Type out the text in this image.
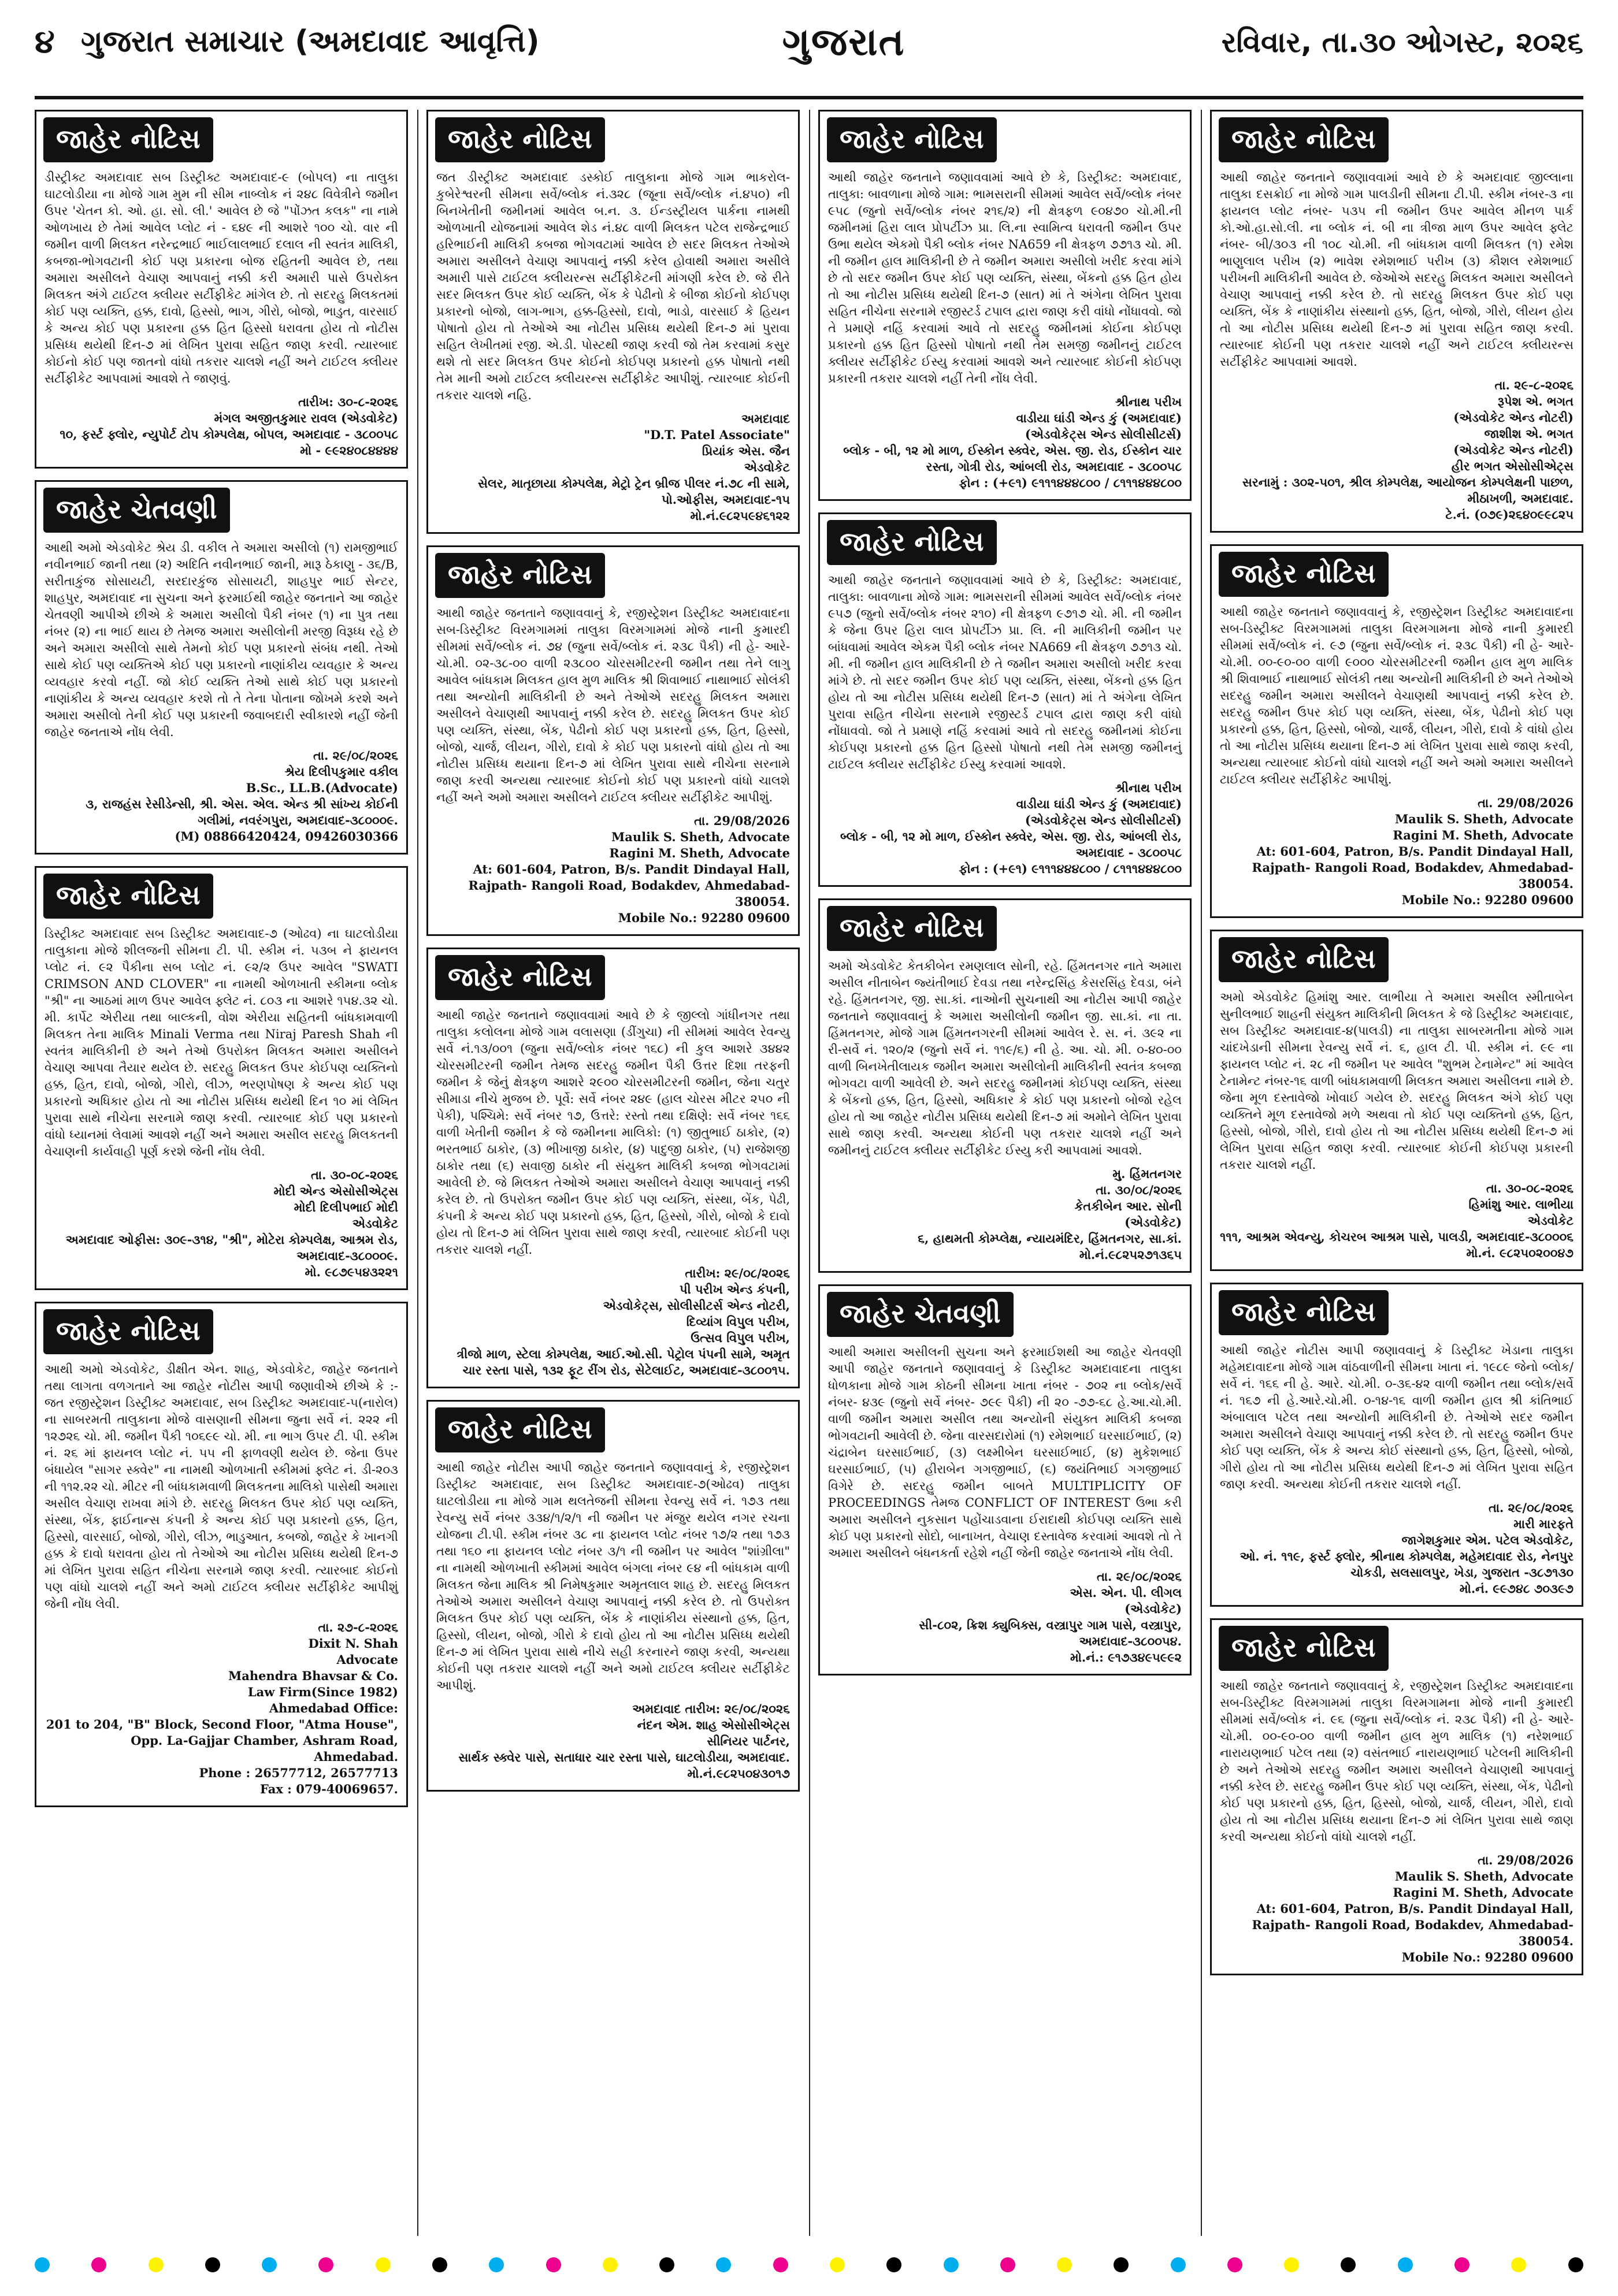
૪ ગુજરાત સમાચાર (અમદાવાદ આવૃત્તિ)	ગુજરાત	રવિવાર, તા.૩૦ ઓગસ્ટ, ૨૦૨૬
જાહેર નોટિસ
ડીસ્ટ્રીક્ટ અમદાવાદ સબ ડિસ્ટ્રીક્ટ અમદાવાદ-૯ (બોપલ) ના તાલુકા ઘાટલોડીયા ના મોજે ગામ મુમ ની સીમ નાબ્લોક નં ૨૪૮ વિવેત્રીને જમીન ઉપર 'ચેતન કો. ઓ. હા. સો. લી.' આવેલ છે જે "પોંઝત કલક" ના નામે ઓળખાય છે તેમાં આવેલ પ્લોટ નં - ૬૪૯ ની આશરે ૧૦૦ ચો. વાર ની જમીન વાળી મિલકત નરેન્દ્રભાઈ ભાઈલાલભાઈ દલાલ ની સ્વતંત્ર માલિકી, કબજા-ભોગવટાની કોઈ પણ પ્રકારના બોજ રહિતની આવેલ છે, તથા અમારા અસીલને વેચાણ આપવાનું નક્કી કરી અમારી પાસે ઉપરોક્ત મિલકત અંગે ટાઈટલ ક્લીયર સર્ટીફીકેટ માંગેલ છે. તો સદરહુ મિલકતમાં કોઈ પણ વ્યક્તિ, હક્ક, દાવો, હિસ્સો, ભાગ, ગીરો, બોજો, ભાડુત, વારસાઈ કે અન્ય કોઈ પણ પ્રકારના હક્ક હિત હિસ્સો ધરાવતા હોય તો નોટીસ પ્રસિધ્ધ થયેથી દિન-૭ માં લેખિત પુરાવા સહિત જાણ કરવી. ત્યારબાદ કોઈનો કોઈ પણ જાતનો વાંધો તકરાર ચાલશે નહીં અને ટાઈટલ ક્લીયર સર્ટીફીકેટ આપવામાં આવશે તે જાણવું.
તારીખ: ૩૦-૮-૨૦૨૬
મંગલ અજીતકુમાર રાવલ (એડવોકેટ)
૧૦, ફર્સ્ટ ફ્લોર, ન્યુપોર્ટ ટોપ કોમ્પલેક્ષ, બોપલ, અમદાવાદ - ૩૮૦૦૫૮
મો - ૯૯૨૪૦૮૪૪૪૪
જાહેર ચેતવણી
આથી અમો એડવોકેટ શ્રેય ડી. વકીલ તે અમારા અસીલો (૧) રામજીભાઈ નવીનભાઈ જાની તથા (૨) અદિતિ નવીનભાઈ જાની, મારૂ ઠેકાણુ - ૩૬/B, સરીતાકુંજ સોસાયટી, સરદારકુંજ સોસાયટી, શાહપુર ભાઈ સેન્ટર, શાહપુર, અમદાવાદ ના સુચના અને ફરમાઈથી જાહેર જનતાને આ જાહેર ચેતવણી આપીએ છીએ કે અમારા અસીલો પૈકી નંબર (૧) ના પુત્ર તથા નંબર (૨) ના ભાઈ થાય છે તેમજ અમારા અસીલોની મરજી વિરૂધ્ધ રહે છે અને અમારા અસીલો સાથે તેમનો કોઈ પણ પ્રકારનો સંબંધ નથી. તેઓ સાથે કોઈ પણ વ્યક્તિએ કોઈ પણ પ્રકારનો નાણાંકીય વ્યવહાર કે અન્ય વ્યવહાર કરવો નહીં. જો કોઈ વ્યક્તિ તેઓ સાથે કોઈ પણ પ્રકારનો નાણાંકીય કે અન્ય વ્યવહાર કરશે તો તે તેના પોતાના જોખમે કરશે અને અમારા અસીલો તેની કોઈ પણ પ્રકારની જવાબદારી સ્વીકારશે નહીં જેની જાહેર જનતાએ નોંધ લેવી.
તા. ૨૯/૦૮/૨૦૨૬
શ્રેય દિલીપકુમાર વકીલ
B.Sc., LL.B.(Advocate)
૩, રાજહંસ રેસીડેન્સી, શ્રી. એસ. એલ. એન્ડ શ્રી સાંખ્ય કોઈની ગલીમાં, નવરંગપુરા, અમદાવાદ-૩૮૦૦૦૯.
(M) 08866420424, 09426030366
જાહેર નોટિસ
ડિસ્ટ્રીક્ટ અમદાવાદ સબ ડિસ્ટ્રીક્ટ અમદાવાદ-૭ (ઓઢવ) ના ઘાટલોડીયા તાલુકાના મોજે શીલજની સીમના ટી. પી. સ્કીમ નં. ૫૩બ ને ફાયનલ પ્લોટ નં. ૯૨ પૈકીના સબ પ્લોટ નં. ૯૨/૨ ઉપર આવેલ "SWATI CRIMSON AND CLOVER" ના નામથી ઓળખાતી સ્કીમના બ્લોક "શ્રી" ના આઠમાં માળ ઉપર આવેલ ફ્લેટ નં. ૮૦૩ ના આશરે ૧૫૪.૩૨ ચો. મી. કાર્પેટ એરીયા તથા બાલ્કની, વોશ એરીયા સહિતની બાંધકામવાળી મિલકત તેના માલિક Minali Verma તથા Niraj Paresh Shah ની સ્વતંત્ર માલિકીની છે અને તેઓ ઉપરોક્ત મિલકત અમારા અસીલને વેચાણ આપવા તૈયાર થયેલ છે. સદરહુ મિલકત ઉપર કોઈપણ વ્યક્તિનો હક્ક, હિત, દાવો, બોજો, ગીરો, લીઝ, ભરણપોષણ કે અન્ય કોઈ પણ પ્રકારનો અધિકાર હોય તો આ નોટીસ પ્રસિધ્ધ થયેથી દિન ૧૦ માં લેખિત પુરાવા સાથે નીચેના સરનામે જાણ કરવી. ત્યારબાદ કોઈ પણ પ્રકારનો વાંધો ધ્યાનમાં લેવામાં આવશે નહીં અને અમારા અસીલ સદરહુ મિલકતની વેચાણની કાર્યવાહી પૂર્ણ કરશે જેની નોંધ લેવી.
તા. ૩૦-૦૮-૨૦૨૬
મોદી એન્ડ એસોસીએટ્સ
મોદી દિલીપભાઈ મોદી
એડવોકેટ
અમદાવાદ ઓફીસ: ૩૦૯-૩૧૪, "શ્રી", મોટેરા કોમ્પલેક્ષ, આશ્રમ રોડ, અમદાવાદ-૩૮૦૦૦૯.
મો. ૯૮૭૯૫૪૩૨૨૧
જાહેર નોટિસ
આથી અમો એડવોકેટ, ડીક્ષીત એન. શાહ, એડવોકેટ, જાહેર જનતાને તથા લાગતા વળગતાને આ જાહેર નોટીસ આપી જણાવીએ છીએ કે :- જત રજીસ્ટ્રેશન ડિસ્ટ્રીક્ટ અમદાવાદ, સબ ડિસ્ટ્રીક્ટ અમદાવાદ-૫(નારોલ) ના સાબરમતી તાલુકાના મોજે વાસણાની સીમના જુના સર્વે નં. ૨૨૨ ની ૧૨૭૨૬ ચો. મી. જમીન પૈકી ૧૦૬૯૯ ચો. મી. ના ભાગ ઉપર ટી. પી. સ્કીમ નં. ૨૬ માં ફાયનલ પ્લોટ નં. ૫૫ ની ફાળવણી થયેલ છે. જેના ઉપર બંધાયેલ "સાગર સ્ક્વેર" ના નામથી ઓળખાતી સ્કીમમાં ફ્લેટ નં. ડી-૨૦૩ ની ૧૧૨.૨૨ ચો. મીટર ની બાંધકામવાળી મિલકતના માલિકો પાસેથી અમારા અસીલ વેચાણ રાખવા માંગે છે. સદરહુ મિલકત ઉપર કોઈ પણ વ્યક્તિ, સંસ્થા, બેંક, ફાઈનાન્સ કંપની કે અન્ય કોઈ પણ પ્રકારનો હક્ક, હિત, હિસ્સો, વારસાઈ, બોજો, ગીરો, લીઝ, ભાડુઆત, કબજો, જાહેર કે ખાનગી હક્ક કે દાવો ધરાવતા હોય તો તેઓએ આ નોટીસ પ્રસિધ્ધ થયેથી દિન-૭ માં લેખિત પુરાવા સહિત નીચેના સરનામે જાણ કરવી. ત્યારબાદ કોઈનો પણ વાંધો ચાલશે નહીં અને અમો ટાઈટલ ક્લીયર સર્ટીફીકેટ આપીશું જેની નોંધ લેવી.
તા. ૨૭-૮-૨૦૨૬
Dixit N. Shah
Advocate
Mahendra Bhavsar & Co.
Law Firm(Since 1982)
Ahmedabad Office:
201 to 204, "B" Block, Second Floor, "Atma House", Opp. La-Gajjar Chamber, Ashram Road, Ahmedabad.
Phone : 26577712, 26577713
Fax : 079-40069657.
જાહેર નોટિસ
જત ડીસ્ટ્રીક્ટ અમદાવાદ ડસ્કોઈ તાલુકાના મોજે ગામ ભાકરોલ- કુબેરેશ્વરની સીમના સર્વે/બ્લોક નં.૩૨૮ (જૂના સર્વે/બ્લોક નં.૪૫૦) ની બિનખેતીની જમીનમાં આવેલ બ.ન. ૩. ઈન્ડસ્ટ્રીયલ પાર્કના નામથી ઓળખાતી યોજનામાં આવેલ શેડ નં.૪૮ વાળી મિલકત પટેલ રાજેન્દ્રભાઈ હરિભાઈની માલિકી કબજા ભોગવટામાં આવેલ છે સદર મિલકત તેઓએ અમારા અસીલને વેચાણ આપવાનું નક્કી કરેલ હોવાથી અમારા અસીલે અમારી પાસે ટાઈટલ ક્લીયરન્સ સર્ટીફીકેટની માંગણી કરેલ છે. જે રીતે સદર મિલકત ઉપર કોઈ વ્યક્તિ, બેંક કે પેઢીનો કે બીજા કોઈનો કોઈપણ પ્રકારનો બોજો, લાગ-ભાગ, હક્ક-હિસ્સો, દાવો, ભાડો, વારસાઈ કે હિયન પોષાતો હોય તો તેઓએ આ નોટીસ પ્રસિધ્ધ થયેથી દિન-૭ માં પુરાવા સહિત લેખીતમાં રજી. એ.ડી. પોસ્ટથી જાણ કરવી જો તેમ કરવામાં કસુર થશે તો સદર મિલકત ઉપર કોઈનો કોઈપણ પ્રકારનો હક્ક પોષાતો નથી તેમ માની અમો ટાઈટલ ક્લીયરન્સ સર્ટીફીકેટ આપીશું. ત્યારબાદ કોઈની તકરાર ચાલશે નહિ.
અમદાવાદ
"D.T. Patel Associate"
પ્રિયાંક એસ. જૈન
એડવોકેટ
સેલર, માતૃછાયા કોમ્પલેક્ષ, મેટ્રો ટ્રેન બ્રીજ પીલર નં.૭૮ ની સામે, પો.ઓફીસ, અમદાવાદ-૧૫
મો.નં.૯૮૨૫૯૪૬૧૨૨
જાહેર નોટિસ
આથી જાહેર જનતાને જણાવવાનું કે, રજીસ્ટ્રેશન ડિસ્ટ્રીક્ટ અમદાવાદના સબ-ડિસ્ટ્રીક્ટ વિરમગામમાં તાલુકા વિરમગામમાં મોજે નાની કુમારદી સીમમાં સર્વે/બ્લોક નં. ૭૪ (જુના સર્વે/બ્લોક નં. ૨૩૮ પૈકી) ની હે- આરે- ચો.મી. ૦૨-૩૮-૦૦ વાળી ૨૩૮૦૦ ચોરસમીટરની જમીન તથા તેને લાગુ આવેલ બાંધકામ મિલકત હાલ મુળ માલિક શ્રી શિવાભાઈ નાથાભાઈ સોલંકી તથા અન્યોની માલિકીની છે અને તેઓએ સદરહુ મિલકત અમારા અસીલને વેચાણથી આપવાનું નક્કી કરેલ છે. સદરહુ મિલકત ઉપર કોઈ પણ વ્યક્તિ, સંસ્થા, બેંક, પેઢીનો કોઈ પણ પ્રકારનો હક્ક, હિત, હિસ્સો, બોજો, ચાર્જ, લીયન, ગીરો, દાવો કે કોઈ પણ પ્રકારનો વાંધો હોય તો આ નોટીસ પ્રસિધ્ધ થયાના દિન-૭ માં લેખિત પુરાવા સાથે નીચેના સરનામે જાણ કરવી અન્યથા ત્યારબાદ કોઈનો કોઈ પણ પ્રકારનો વાંધો ચાલશે નહીં અને અમો અમારા અસીલને ટાઈટલ ક્લીયર સર્ટીફીકેટ આપીશું.
તા. 29/08/2026
Maulik S. Sheth, Advocate
Ragini M. Sheth, Advocate
At: 601-604, Patron, B/s. Pandit Dindayal Hall, Rajpath- Rangoli Road, Bodakdev, Ahmedabad-380054.
Mobile No.: 92280 09600
જાહેર નોટિસ
આથી જાહેર જનતાને જણાવવામાં આવે છે કે જીલ્લો ગાંધીનગર તથા તાલુકા કલોલના મોજે ગામ વલાસણા (ડીંગુચા) ની સીમમાં આવેલ રેવન્યુ સર્વે નં.૧૩/૦૦૧ (જુના સર્વે/બ્લોક નંબર ૧૬૮) ની કુલ આશરે ૩૪૪૨ ચોરસમીટરની જમીન તેમજ સદરહુ જમીન પૈકી ઉત્તર દિશા તરફની જમીન કે જેનું ક્ષેત્રફળ આશરે ૨૯૦૦ ચોરસમીટરની જમીન, જેના ચતુર સીમાડા નીચે મુજબ છે. પૂર્વે: સર્વે નંબર ૨૪૯ (હાલ ચોરસ મીટર ૨૫૦ ની પેકી), પશ્ચિમે: સર્વે નંબર ૧૭, ઉત્તરે: રસ્તો તથા દક્ષિણે: સર્વે નંબર ૧૬૬ વાળી ખેતીની જમીન કે જે જમીનના માલિકો: (૧) જીતુભાઈ ઠાકોર, (૨) ભરતભાઈ ઠાકોર, (૩) ભીખાજી ઠાકોર, (૪) પાદુજી ઠાકોર, (૫) રાજેશજી ઠાકોર તથા (૬) સવાજી ઠાકોર ની સંયુક્ત માલિકી કબજા ભોગવટામાં આવેલી છે. જે મિલકત તેઓએ અમારા અસીલને વેચાણ આપવાનું નક્કી કરેલ છે. તો ઉપરોક્ત જમીન ઉપર કોઈ પણ વ્યક્તિ, સંસ્થા, બેંક, પેઢી, કંપની કે અન્ય કોઈ પણ પ્રકારનો હક્ક, હિત, હિસ્સો, ગીરો, બોજો કે દાવો હોય તો દિન-૭ માં લેખિત પુરાવા સાથે જાણ કરવી, ત્યારબાદ કોઈની પણ તકરાર ચાલશે નહીં.
તારીખ: ૨૯/૦૮/૨૦૨૬
પી પરીખ એન્ડ કંપની,
એડવોકેટ્સ, સોલીસીટર્સ એન્ડ નોટરી,
દિવ્યાંગ વિપુલ પરીખ,
ઉત્સવ વિપુલ પરીખ,
ત્રીજો માળ, સ્ટેલા કોમ્પલેક્ષ, આઈ.ઓ.સી. પેટ્રોલ પંપની સામે, અમૃત ચાર રસ્તા પાસે, ૧૩૨ ફૂટ રીંગ રોડ, સેટેલાઈટ, અમદાવાદ-૩૮૦૦૧૫.
જાહેર નોટિસ
આથી જાહેર નોટીસ આપી જાહેર જનતાને જણાવવાનું કે, રજીસ્ટ્રેશન ડિસ્ટ્રીક્ટ અમદાવાદ, સબ ડિસ્ટ્રીક્ટ અમદાવાદ-૭(ઓઢવ) તાલુકા ઘાટલોડીયા ના મોજે ગામ થલતેજની સીમના રેવન્યુ સર્વે નં. ૧૭૩ તથા રેવન્યુ સર્વે નંબર ૩૩૪/૧/૨/૧ ની જમીન પર મંજુર થયેલ નગર રચના યોજના ટી.પી. સ્કીમ નંબર ૩૮ ના ફાયનલ પ્લોટ નંબર ૧૭/૨ તથા ૧૭૩ તથા ૧૬૦ ના ફાયનલ પ્લોટ નંબર ૩/૧ ની જમીન પર આવેલ "શાંગ્રીલા" ના નામથી ઓળખાતી સ્કીમમાં આવેલ બંગલા નંબર ૯૪ ની બાંધકામ વાળી મિલકત જેના માલિક શ્રી નિમેષકુમાર અમૃતલાલ શાહ છે. સદરહુ મિલકત તેઓએ અમારા અસીલને વેચાણ આપવાનું નક્કી કરેલ છે. તો ઉપરોક્ત મિલકત ઉપર કોઈ પણ વ્યક્તિ, બેંક કે નાણાંકીય સંસ્થાનો હક્ક, હિત, હિસ્સો, લીયન, બોજો, ગીરો કે દાવો હોય તો આ નોટીસ પ્રસિધ્ધ થયેથી દિન-૭ માં લેખિત પુરાવા સાથે નીચે સહી કરનારને જાણ કરવી, અન્યથા કોઈની પણ તકરાર ચાલશે નહીં અને અમો ટાઈટલ ક્લીયર સર્ટીફીકેટ આપીશું.
અમદાવાદ તારીખ: ૨૯/૦૮/૨૦૨૬
નંદન એમ. શાહ એસોસીએટ્સ
સીનિયર પાર્ટનર,
સાર્થક સ્ક્વેર પાસે, સતાધાર ચાર રસ્તા પાસે, ઘાટલોડીયા, અમદાવાદ.
મો.નં.૯૮૨૫૦૪૩૦૧૭
જાહેર નોટિસ
આથી જાહેર જનતાને જણાવવામાં આવે છે કે, ડિસ્ટ્રીક્ટ: અમદાવાદ, તાલુકા: બાવળાના મોજે ગામ: ભામસરાની સીમમાં આવેલ સર્વે/બ્લોક નંબર ૯૫૮ (જુનો સર્વે/બ્લોક નંબર ૨૧૬/૨) ની ક્ષેત્રફળ ૯૦૪૭૦ ચો.મી.ની જમીનમાં હિરા લાલ પ્રોપર્ટીઝ પ્રા. લિ.ના સ્વામિત્વ ધરાવતી જમીન ઉપર ઉભા થયેલ એકમો પૈકી બ્લોક નંબર NA659 ની ક્ષેત્રફળ ૭૭૧૩ ચો. મી. ની જમીન હાલ માલિકીની છે તે જમીન અમારા અસીલો ખરીદ કરવા માંગે છે તો સદર જમીન ઉપર કોઈ પણ વ્યક્તિ, સંસ્થા, બેંકનો હક્ક હિત હોય તો આ નોટીસ પ્રસિધ્ધ થયેથી દિન-૭ (સાત) માં તે અંગેના લેખિત પુરાવા સહિત નીચેના સરનામે રજીસ્ટર્ડ ટપાલ દ્વારા જાણ કરી વાંધો નોંધાવવો. જો તે પ્રમાણે નહિં કરવામાં આવે તો સદરહુ જમીનમાં કોઈના કોઈપણ પ્રકારનો હક્ક હિત હિસ્સો પોષાતો નથી તેમ સમજી જમીનનું ટાઈટલ ક્લીયર સર્ટીફીકેટ ઈસ્યુ કરવામાં આવશે અને ત્યારબાદ કોઈની કોઈપણ પ્રકારની તકરાર ચાલશે નહીં તેની નોંધ લેવી.
શ્રીનાથ પરીખ
વાડીયા ઘાંડી એન્ડ કું (અમદાવાદ)
(એડવોકેટ્સ એન્ડ સોલીસીટર્સ)
બ્લોક - બી, ૧૨ મો માળ, ઈસ્કોન સ્ક્વેર, એસ. જી. રોડ, ઈસ્કોન ચાર રસ્તા, ગોત્રી રોડ, આંબલી રોડ, અમદાવાદ - ૩૮૦૦૫૮
ફોન : (+૯૧) ૯૧૧૧૪૪૪૮૦૦ / ૮૧૧૧૪૪૪૮૦૦
જાહેર નોટિસ
આથી જાહેર જનતાને જણાવવામાં આવે છે કે, ડિસ્ટ્રીક્ટ: અમદાવાદ, તાલુકા: બાવળાના મોજે ગામ: ભામસરાની સીમમાં આવેલ સર્વે/બ્લોક નંબર ૯૫૭ (જુનો સર્વે/બ્લોક નંબર ૨૧૦) ની ક્ષેત્રફળ ૯૭૧૭ ચો. મી. ની જમીન કે જેના ઉપર હિરા લાલ પ્રોપર્ટીઝ પ્રા. લિ. ની માલિકીની જમીન પર બાંધવામાં આવેલ એકમ પૈકી બ્લોક નંબર NA669 ની ક્ષેત્રફળ ૭૭૧૩ ચો. મી. ની જમીન હાલ માલિકીની છે તે જમીન અમારા અસીલો ખરીદ કરવા માંગે છે. તો સદર જમીન ઉપર કોઈ પણ વ્યક્તિ, સંસ્થા, બેંકનો હક્ક હિત હોય તો આ નોટીસ પ્રસિધ્ધ થયેથી દિન-૭ (સાત) માં તે અંગેના લેખિત પુરાવા સહિત નીચેના સરનામે રજીસ્ટર્ડ ટપાલ દ્વારા જાણ કરી વાંધો નોંધાવવો. જો તે પ્રમાણે નહિં કરવામાં આવે તો સદરહુ જમીનમાં કોઈના કોઈપણ પ્રકારનો હક્ક હિત હિસ્સો પોષાતો નથી તેમ સમજી જમીનનું ટાઈટલ ક્લીયર સર્ટીફીકેટ ઈસ્યુ કરવામાં આવશે.
શ્રીનાથ પરીખ
વાડીયા ઘાંડી એન્ડ કું (અમદાવાદ)
(એડવોકેટ્સ એન્ડ સોલીસીટર્સ)
બ્લોક - બી, ૧૨ મો માળ, ઈસ્કોન સ્ક્વેર, એસ. જી. રોડ, આંબલી રોડ, અમદાવાદ - ૩૮૦૦૫૮
ફોન : (+૯૧) ૯૧૧૧૪૪૪૮૦૦ / ૮૧૧૧૪૪૪૮૦૦
જાહેર નોટિસ
અમો એડવોકેટ કેતકીબેન રમણલાલ સોની, રહે. હિંમતનગર નાતે અમારા અસીલ નીતાબેન જ્યંતીભાઈ દેવડા તથા નરેન્દ્રસિંહ કેસરસિંહ દેવડા, બંને રહે. હિંમતનગર, જી. સા.કાં. નાઓની સુચનાથી આ નોટીસ આપી જાહેર જનતાને જણાવવાનું કે અમારા અસીલોની જમીન જી. સા.કાં. ના તા. હિંમતનગર, મોજે ગામ હિંમતનગરની સીમમાં આવેલ રે. સ. નં. ૩૯૨ ના રી-સર્વે નં. ૧૨૦/૨ (જુનો સર્વે નં. ૧૧૯/૬) ની હે. આ. ચો. મી. ૦-૪૦-૦૦ વાળી બિનખેતીલાયક જમીન અમારા અસીલોની માલિકીની સ્વતંત્ર કબજા ભોગવટા વાળી આવેલી છે. અને સદરહુ જમીનમાં કોઈપણ વ્યક્તિ, સંસ્થા કે બેંકનો હક્ક, હિત, હિસ્સો, અધિકાર કે કોઈ પણ પ્રકારનો બોજો રહેલ હોય તો આ જાહેર નોટીસ પ્રસિધ્ધ થયેથી દિન-૭ માં અમોને લેખિત પુરાવા સાથે જાણ કરવી. અન્યથા કોઈની પણ તકરાર ચાલશે નહીં અને જમીનનું ટાઈટલ ક્લીયર સર્ટીફીકેટ ઈસ્યુ કરી આપવામાં આવશે.
મુ. હિંમતનગર
તા. ૩૦/૦૮/૨૦૨૬
કેતકીબેન આર. સોની
(એડવોકેટ)
૬, હાથમતી કોમ્પ્લેક્ષ, ન્યાયમંદિર, હિંમતનગર, સા.કાં.
મો.નં.૯૮૨૫૨૭૧૩૬૫
જાહેર ચેતવણી
આથી અમારા અસીલની સુચના અને ફરમાઈશથી આ જાહેર ચેતવણી આપી જાહેર જનતાને જણાવવાનું કે ડિસ્ટ્રીક્ટ અમદાવાદના તાલુકા ધોળકાના મોજે ગામ કોઠની સીમના ખાતા નંબર - ૭૦૨ ના બ્લોક/સર્વે નંબર- ૪૩૯ (જુનો સર્વે નંબર- ૭૯૯ પૈકી) ની ૨૦ -૭૭-૬૮ હે.આ.ચો.મી. વાળી જમીન અમારા અસીલ તથા અન્યોની સંયુક્ત માલિકી કબજા ભોગવટાની આવેલી છે. જેના વારસદારોમાં (૧) રમેશભાઈ ઘરસાઈભાઈ, (૨) ચંદ્રાબેન ઘરસાઈભાઈ, (૩) લક્ષ્મીબેન ઘરસાઈભાઈ, (૪) મુકેશભાઈ ઘરસાઈભાઈ, (૫) હીરાબેન ગગજીભાઈ, (૬) જયંતિભાઈ ગગજીભાઈ વિગેરે છે. સદરહુ જમીન બાબતે MULTIPLICITY OF PROCEEDINGS તેમજ CONFLICT OF INTEREST ઉભા કરી અમારા અસીલને નુકસાન પહોંચાડવાના ઈરાદાથી કોઈપણ વ્યક્તિ સાથે કોઈ પણ પ્રકારનો સોદો, બાનાખત, વેચાણ દસ્તાવેજ કરવામાં આવશે તો તે અમારા અસીલને બંધનકર્તા રહેશે નહીં જેની જાહેર જનતાએ નોંધ લેવી.
તા. ૨૯/૦૮/૨૦૨૬
એસ. એન. પી. લીગલ
(એડવોકેટ)
સી-૮૦૨, ક્રિશ ક્યુબિક્સ, વસ્ત્રાપુર ગામ પાસે, વસ્ત્રાપુર, અમદાવાદ-૩૮૦૦૫૪.
મો.નં.: ૯૧૭૩૪૯૫૯૯૨
જાહેર નોટિસ
આથી જાહેર જનતાને જણાવવામાં આવે છે કે અમદાવાદ જીલ્લાના તાલુકા દસક્રોઈ ના મોજે ગામ પાલડીની સીમના ટી.પી. સ્કીમ નંબર-૩ ના ફાયનલ પ્લોટ નંબર- ૫૩૫ ની જમીન ઉપર આવેલ મીનળ પાર્ક કો.ઓ.હા.સો.લી. ના બ્લોક નં. બી ના ત્રીજા માળ ઉપર આવેલ ફ્લેટ નંબર- બી/૩૦૩ ની ૧૦૮ ચો.મી. ની બાંધકામ વાળી મિલકત (૧) રમેશ ભાણુલાલ પરીખ (૨) ભાવેશ રમેશભાઈ પરીખ (૩) કૌશલ રમેશભાઈ પરીખની માલિકીની આવેલ છે. જેઓએ સદરહુ મિલકત અમારા અસીલને વેચાણ આપવાનું નક્કી કરેલ છે. તો સદરહુ મિલકત ઉપર કોઈ પણ વ્યક્તિ, બેંક કે નાણાંકીય સંસ્થાનો હક્ક, હિત, બોજો, ગીરો, લીયન હોય તો આ નોટીસ પ્રસિધ્ધ થયેથી દિન-૭ માં પુરાવા સહિત જાણ કરવી. ત્યારબાદ કોઈની પણ તકરાર ચાલશે નહીં અને ટાઈટલ ક્લીયરન્સ સર્ટીફીકેટ આપવામાં આવશે.
તા. ૨૯-૮-૨૦૨૬
રૂપેશ એ. ભગત
(એડવોકેટ એન્ડ નોટરી)
જાશીશ એ. ભગત
(એડવોકેટ એન્ડ નોટરી)
હીર ભગત એસોસીએટ્સ
સરનામું : ૩૦૨-૫૦૧, શ્રીલ કોમ્પલેક્ષ, આયોજન કોમ્પલેક્ષની પાછળ, મીઠાખળી, અમદાવાદ.
ટે.નં. (૦૭૯)૨૬૪૦૯૯૮૨૫
જાહેર નોટિસ
આથી જાહેર જનતાને જણાવવાનું કે, રજીસ્ટ્રેશન ડિસ્ટ્રીક્ટ અમદાવાદના સબ-ડિસ્ટ્રીક્ટ વિરમગામમાં તાલુકા વિરમગામના મોજે નાની કુમારદી સીમમાં સર્વે/બ્લોક નં. ૯૭ (જુના સર્વે/બ્લોક નં. ૨૩૮ પૈકી) ની હે- આરે- ચો.મી. ૦૦-૯૦-૦૦ વાળી ૯૦૦૦ ચોરસમીટરની જમીન હાલ મુળ માલિક શ્રી શિવાભાઈ નાથાભાઈ સોલંકી તથા અન્યોની માલિકીની છે અને તેઓએ સદરહુ જમીન અમારા અસીલને વેચાણથી આપવાનું નક્કી કરેલ છે. સદરહુ જમીન ઉપર કોઈ પણ વ્યક્તિ, સંસ્થા, બેંક, પેઢીનો કોઈ પણ પ્રકારનો હક્ક, હિત, હિસ્સો, બોજો, ચાર્જ, લીયન, ગીરો, દાવો કે વાંધો હોય તો આ નોટીસ પ્રસિધ્ધ થયાના દિન-૭ માં લેખિત પુરાવા સાથે જાણ કરવી, અન્યથા ત્યારબાદ કોઈનો વાંધો ચાલશે નહીં અને અમો અમારા અસીલને ટાઈટલ ક્લીયર સર્ટીફીકેટ આપીશું.
તા. 29/08/2026
Maulik S. Sheth, Advocate
Ragini M. Sheth, Advocate
At: 601-604, Patron, B/s. Pandit Dindayal Hall, Rajpath- Rangoli Road, Bodakdev, Ahmedabad-380054.
Mobile No.: 92280 09600
જાહેર નોટિસ
અમો એડવોકેટ હિમાંશુ આર. લાભીયા તે અમારા અસીલ સ્મીતાબેન સુનીલભાઈ શાહની સંયુક્ત માલિકીની મિલકત કે જે ડિસ્ટ્રીક્ટ અમદાવાદ, સબ ડિસ્ટ્રીક્ટ અમદાવાદ-૪(પાલડી) ના તાલુકા સાબરમતીના મોજે ગામ ચાંદખેડાની સીમના રેવન્યુ સર્વે નં. ૬, હાલ ટી. પી. સ્કીમ નં. ૯૯ ના ફાયનલ પ્લોટ નં. ૨૮ ની જમીન પર આવેલ "શુભમ ટેનામેન્ટ" માં આવેલ ટેનામેન્ટ નંબર-૧૬ વાળી બાંધકામવાળી મિલકત અમારા અસીલના નામે છે. જેના મૂળ દસ્તાવેજો ખોવાઈ ગયેલ છે. સદરહુ મિલકત અંગે કોઈ પણ વ્યક્તિને મૂળ દસ્તાવેજો મળે અથવા તો કોઈ પણ વ્યક્તિનો હક્ક, હિત, હિસ્સો, બોજો, ગીરો, દાવો હોય તો આ નોટીસ પ્રસિધ્ધ થયેથી દિન-૭ માં લેખિત પુરાવા સહિત જાણ કરવી. ત્યારબાદ કોઈની કોઈપણ પ્રકારની તકરાર ચાલશે નહીં.
તા. ૩૦-૦૮-૨૦૨૬
હિમાંશુ આર. લાભીયા
એડવોકેટ
૧૧૧, આશ્રમ એવન્યુ, કોચરબ આશ્રમ પાસે, પાલડી, અમદાવાદ-૩૮૦૦૦૬
મો.નં. ૯૮૨૫૦૨૦૦૪૭
જાહેર નોટિસ
આથી જાહેર નોટીસ આપી જણાવવાનું કે ડિસ્ટ્રીક્ટ ખેડાના તાલુકા મહેમદાવાદના મોજે ગામ વાંઠવાળીની સીમના ખાતા નં. ૧૯૮૯ જેનો બ્લોક/સર્વે નં. ૧૬૬ ની હે. આરે. ચો.મી. ૦-૩૬-૪૨ વાળી જમીન તથા બ્લોક/સર્વે નં. ૧૬૭ ની હે.આરે.ચો.મી. ૦-૧૪-૧૬ વાળી જમીન હાલ શ્રી કાંતિભાઈ અંબાલાલ પટેલ તથા અન્યોની માલિકીની છે. તેઓએ સદર જમીન અમારા અસીલને વેચાણ આપવાનું નક્કી કરેલ છે. તો સદરહુ જમીન ઉપર કોઈ પણ વ્યક્તિ, બેંક કે અન્ય કોઈ સંસ્થાનો હક્ક, હિત, હિસ્સો, બોજો, ગીરો હોય તો આ નોટીસ પ્રસિધ્ધ થયેથી દિન-૭ માં લેખિત પુરાવા સહિત જાણ કરવી. અન્યથા કોઈની તકરાર ચાલશે નહીં.
તા. ૨૯/૦૮/૨૦૨૬
મારી મારફતે
જાગેશકુમાર એમ. પટેલ એડવોકેટ,
ઓ. નં. ૧૧૯, ફર્સ્ટ ફ્લોર, શ્રીનાથ કોમ્પલેક્ષ, મહેમદાવાદ રોડ, નેનપુર ચોકડી, સલસાલપુર, ખેડા, ગુજરાત -૩૮૭૧૩૦
મો.નં. ૯૯૭૪૮ ૭૦૩૯૭
જાહેર નોટિસ
આથી જાહેર જનતાને જણાવવાનું કે, રજીસ્ટ્રેશન ડિસ્ટ્રીક્ટ અમદાવાદના સબ-ડિસ્ટ્રીક્ટ વિરમગામમાં તાલુકા વિરમગામના મોજે નાની કુમારદી સીમમાં સર્વે/બ્લોક નં. ૯૬ (જુના સર્વે/બ્લોક નં. ૨૩૮ પૈકી) ની હે- આરે- ચો.મી. ૦૦-૯૦-૦૦ વાળી જમીન હાલ મુળ માલિક (૧) નરેશભાઈ નારાયણભાઈ પટેલ તથા (૨) વસંતભાઈ નારાયણભાઈ પટેલની માલિકીની છે અને તેઓએ સદરહુ જમીન અમારા અસીલને વેચાણથી આપવાનું નક્કી કરેલ છે. સદરહુ જમીન ઉપર કોઈ પણ વ્યક્તિ, સંસ્થા, બેંક, પેઢીનો કોઈ પણ પ્રકારનો હક્ક, હિત, હિસ્સો, બોજો, ચાર્જ, લીયન, ગીરો, દાવો હોય તો આ નોટીસ પ્રસિધ્ધ થયાના દિન-૭ માં લેખિત પુરાવા સાથે જાણ કરવી અન્યથા કોઈનો વાંધો ચાલશે નહીં.
તા. 29/08/2026
Maulik S. Sheth, Advocate
Ragini M. Sheth, Advocate
At: 601-604, Patron, B/s. Pandit Dindayal Hall, Rajpath- Rangoli Road, Bodakdev, Ahmedabad-380054.
Mobile No.: 92280 09600
